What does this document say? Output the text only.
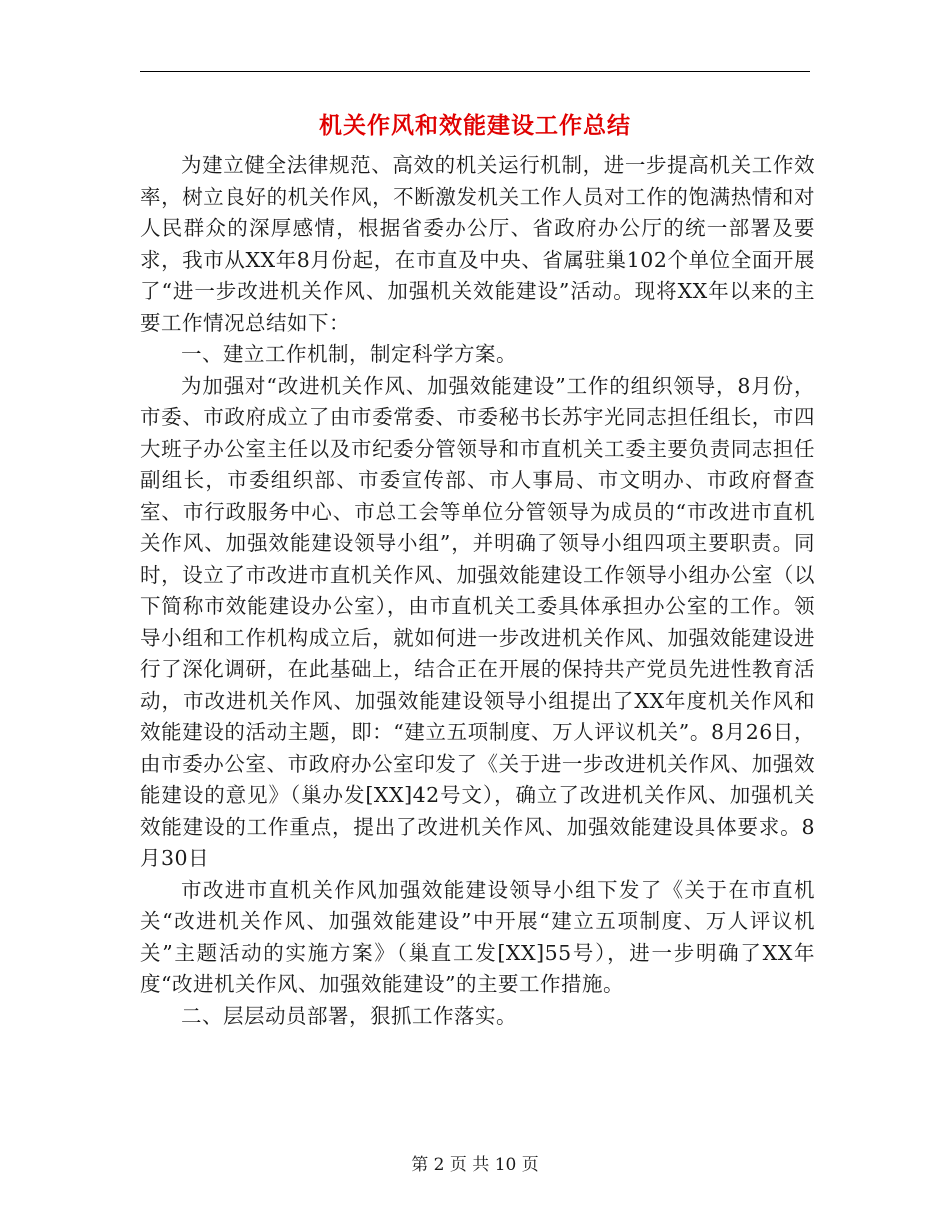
机关作风和效能建设工作总结

为建立健全法律规范、高效的机关运行机制，进一步提高机关工作效率，树立良好的机关作风，不断激发机关工作人员对工作的饱满热情和对人民群众的深厚感情，根据省委办公厅、省政府办公厅的统一部署及要求，我市从XX年8月份起，在市直及中央、省属驻巢102个单位全面开展了“进一步改进机关作风、加强机关效能建设”活动。现将XX年以来的主要工作情况总结如下：

一、建立工作机制，制定科学方案。

为加强对“改进机关作风、加强效能建设”工作的组织领导，8月份，市委、市政府成立了由市委常委、市委秘书长苏宇光同志担任组长，市四大班子办公室主任以及市纪委分管领导和市直机关工委主要负责同志担任副组长，市委组织部、市委宣传部、市人事局、市文明办、市政府督查室、市行政服务中心、市总工会等单位分管领导为成员的“市改进市直机关作风、加强效能建设领导小组”，并明确了领导小组四项主要职责。同时，设立了市改进市直机关作风、加强效能建设工作领导小组办公室（以下简称市效能建设办公室），由市直机关工委具体承担办公室的工作。领导小组和工作机构成立后，就如何进一步改进机关作风、加强效能建设进行了深化调研，在此基础上，结合正在开展的保持共产党员先进性教育活动，市改进机关作风、加强效能建设领导小组提出了XX年度机关作风和效能建设的活动主题，即：“建立五项制度、万人评议机关”。8月26日，由市委办公室、市政府办公室印发了《关于进一步改进机关作风、加强效能建设的意见》（巢办发[XX]42号文），确立了改进机关作风、加强机关效能建设的工作重点，提出了改进机关作风、加强效能建设具体要求。8月30日

市改进市直机关作风加强效能建设领导小组下发了《关于在市直机关“改进机关作风、加强效能建设”中开展“建立五项制度、万人评议机关”主题活动的实施方案》（巢直工发[XX]55号），进一步明确了XX年度“改进机关作风、加强效能建设”的主要工作措施。

二、层层动员部署，狠抓工作落实。

第 2 页 共 10 页
